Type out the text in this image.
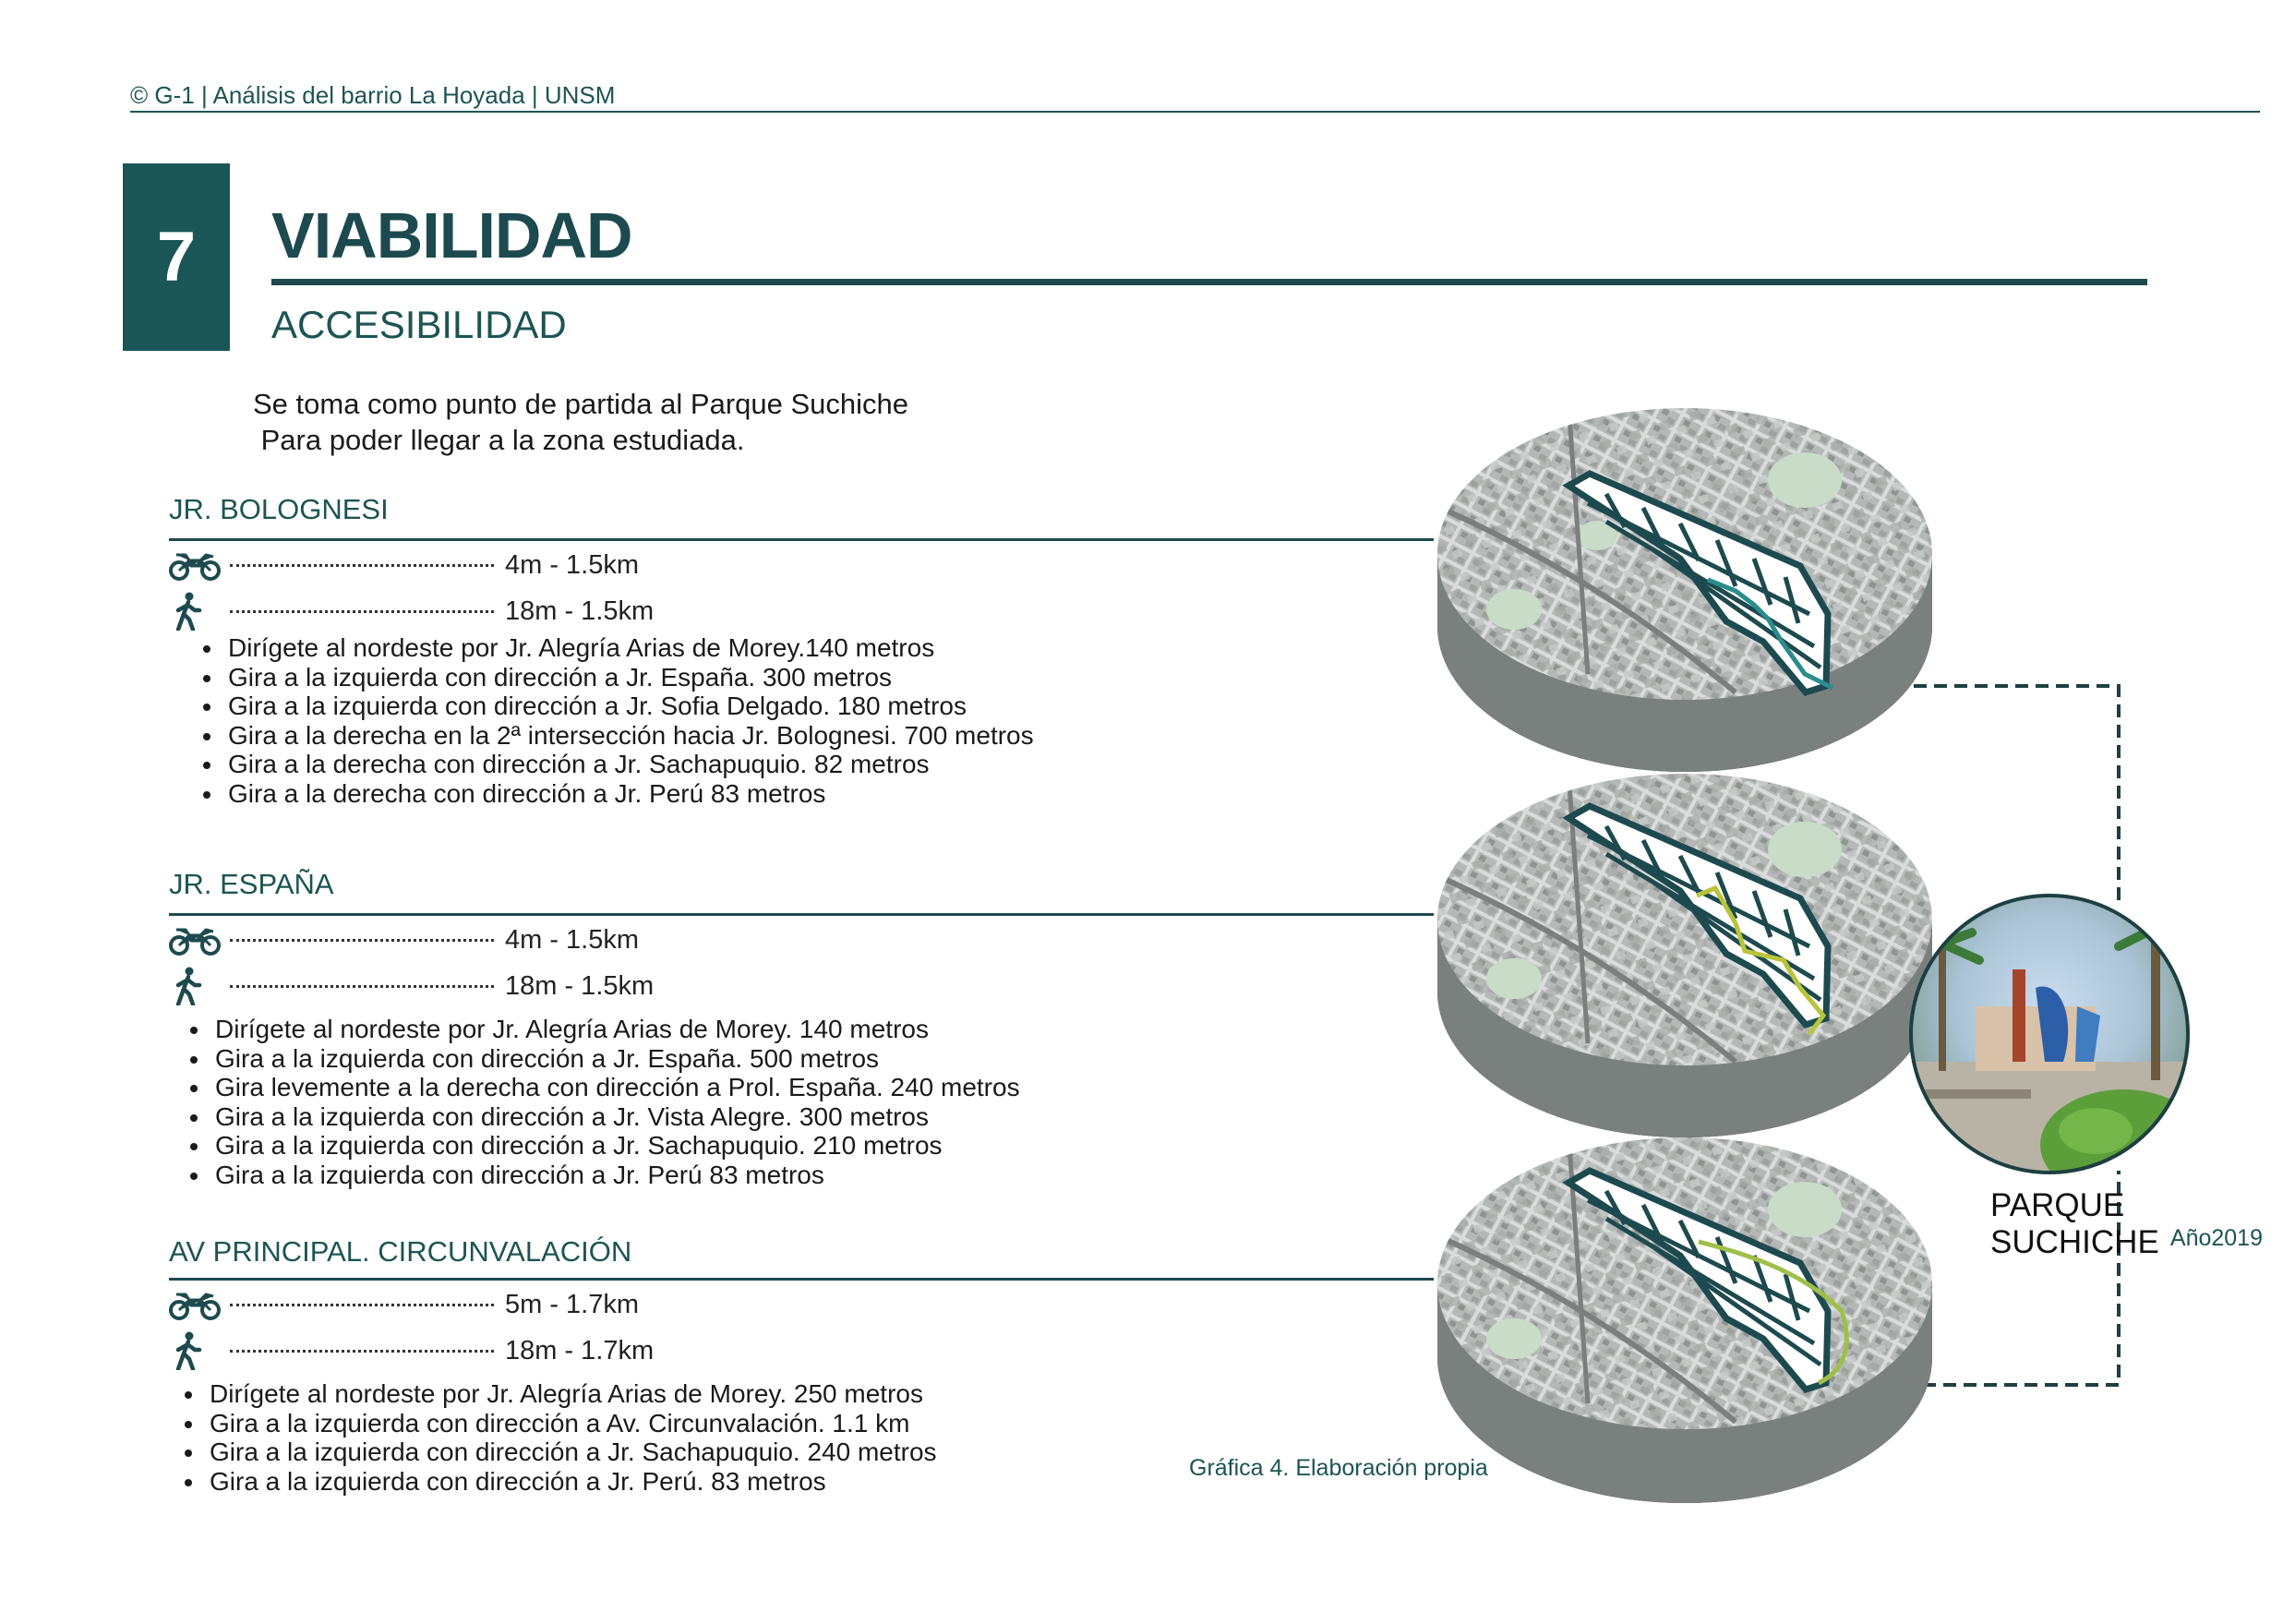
© G-1 | Análisis del barrio La Hoyada | UNSM
7	VIABILIDAD
ACCESIBILIDAD
Se toma como punto de partida al Parque Suchiche
Para poder llegar a la zona estudiada.
JR. BOLOGNESI
4m - 1.5km
18m - 1.5km
• Dirígete al nordeste por Jr. Alegría Arias de Morey.140 metros
• Gira a la izquierda con dirección a Jr. España. 300 metros
• Gira a la izquierda con dirección a Jr. Sofia Delgado. 180 metros
• Gira a la derecha en la 2ª intersección hacia Jr. Bolognesi. 700 metros
• Gira a la derecha con dirección a Jr. Sachapuquio. 82 metros
• Gira a la derecha con dirección a Jr. Perú 83 metros
JR. ESPAÑA
4m - 1.5km
18m - 1.5km
• Dirígete al nordeste por Jr. Alegría Arias de Morey. 140 metros
• Gira a la izquierda con dirección a Jr. España. 500 metros
• Gira levemente a la derecha con dirección a Prol. España. 240 metros
• Gira a la izquierda con dirección a Jr. Vista Alegre. 300 metros
• Gira a la izquierda con dirección a Jr. Sachapuquio. 210 metros
• Gira a la izquierda con dirección a Jr. Perú 83 metros
AV PRINCIPAL. CIRCUNVALACIÓN
5m - 1.7km
18m - 1.7km
• Dirígete al nordeste por Jr. Alegría Arias de Morey. 250 metros
• Gira a la izquierda con dirección a Av. Circunvalación. 1.1 km
• Gira a la izquierda con dirección a Jr. Sachapuquio. 240 metros
• Gira a la izquierda con dirección a Jr. Perú. 83 metros	Gráfica 4. Elaboración propia
PARQUE SUCHICHE Año2019
